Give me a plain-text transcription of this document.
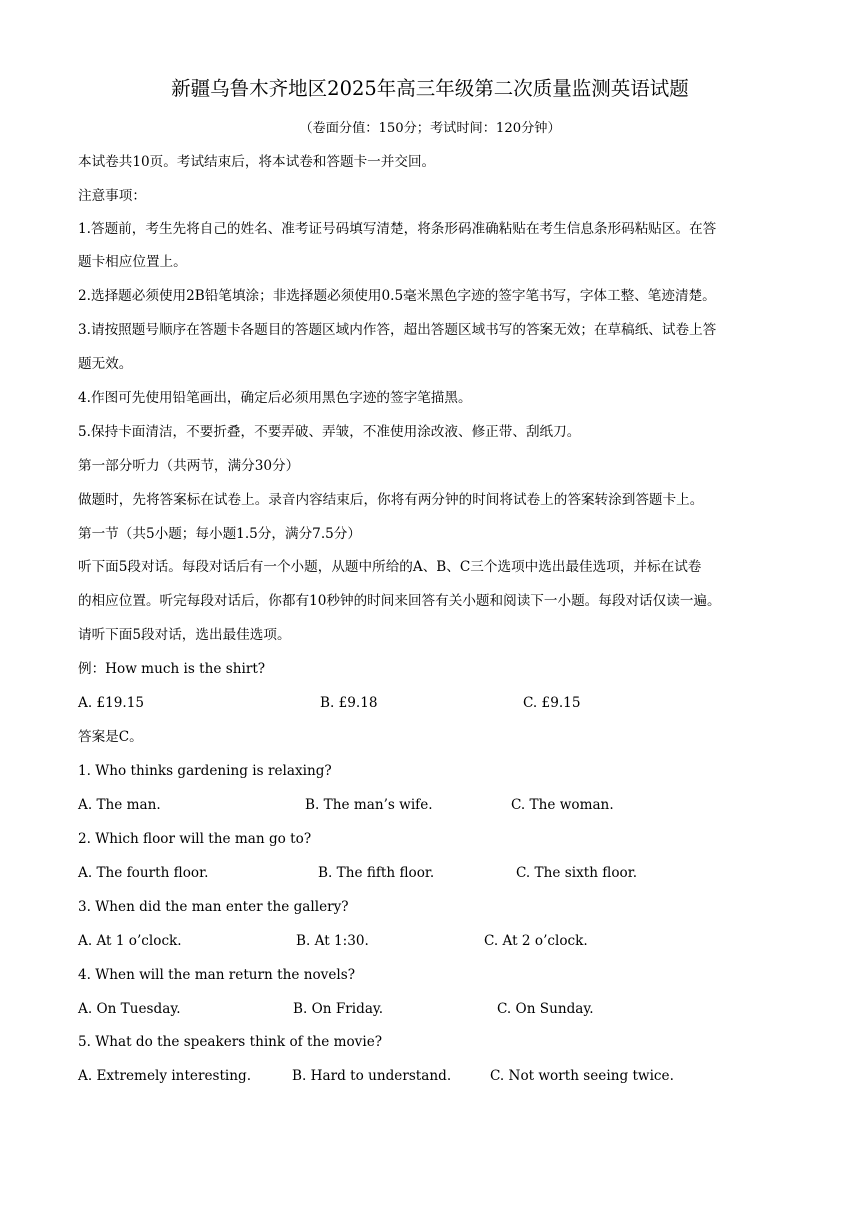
新疆乌鲁木齐地区2025年高三年级第二次质量监测英语试题
（卷面分值：150分；考试时间：120分钟）

本试卷共10页。考试结束后，将本试卷和答题卡一并交回。

注意事项：

1.答题前，考生先将自己的姓名、准考证号码填写清楚，将条形码准确粘贴在考生信息条形码粘贴区。在答

题卡相应位置上。

2.选择题必须使用2B铅笔填涂；非选择题必须使用0.5毫米黑色字迹的签字笔书写，字体工整、笔迹清楚。

3.请按照题号顺序在答题卡各题目的答题区域内作答，超出答题区域书写的答案无效；在草稿纸、试卷上答

题无效。

4.作图可先使用铅笔画出，确定后必须用黑色字迹的签字笔描黑。

5.保持卡面清洁，不要折叠，不要弄破、弄皱，不准使用涂改液、修正带、刮纸刀。

第一部分听力（共两节，满分30分）

做题时，先将答案标在试卷上。录音内容结束后，你将有两分钟的时间将试卷上的答案转涂到答题卡上。

第一节（共5小题；每小题1.5分，满分7.5分）

听下面5段对话。每段对话后有一个小题，从题中所给的A、B、C三个选项中选出最佳选项，并标在试卷

的相应位置。听完每段对话后，你都有10秒钟的时间来回答有关小题和阅读下一小题。每段对话仅读一遍。

请听下面5段对话，选出最佳选项。

例：How much is the shirt?

A. £19.15	B. £9.18	C. £9.15

答案是C。

1. Who thinks gardening is relaxing?

A. The man.	B. The man’s wife.	C. The woman.

2. Which floor will the man go to?

A. The fourth floor.	B. The fifth floor.	C. The sixth floor.

3. When did the man enter the gallery?

A. At 1 o’clock.	B. At 1:30.	C. At 2 o’clock.

4. When will the man return the novels?

A. On Tuesday.	B. On Friday.	C. On Sunday.

5. What do the speakers think of the movie?

A. Extremely interesting.	B. Hard to understand.	C. Not worth seeing twice.
